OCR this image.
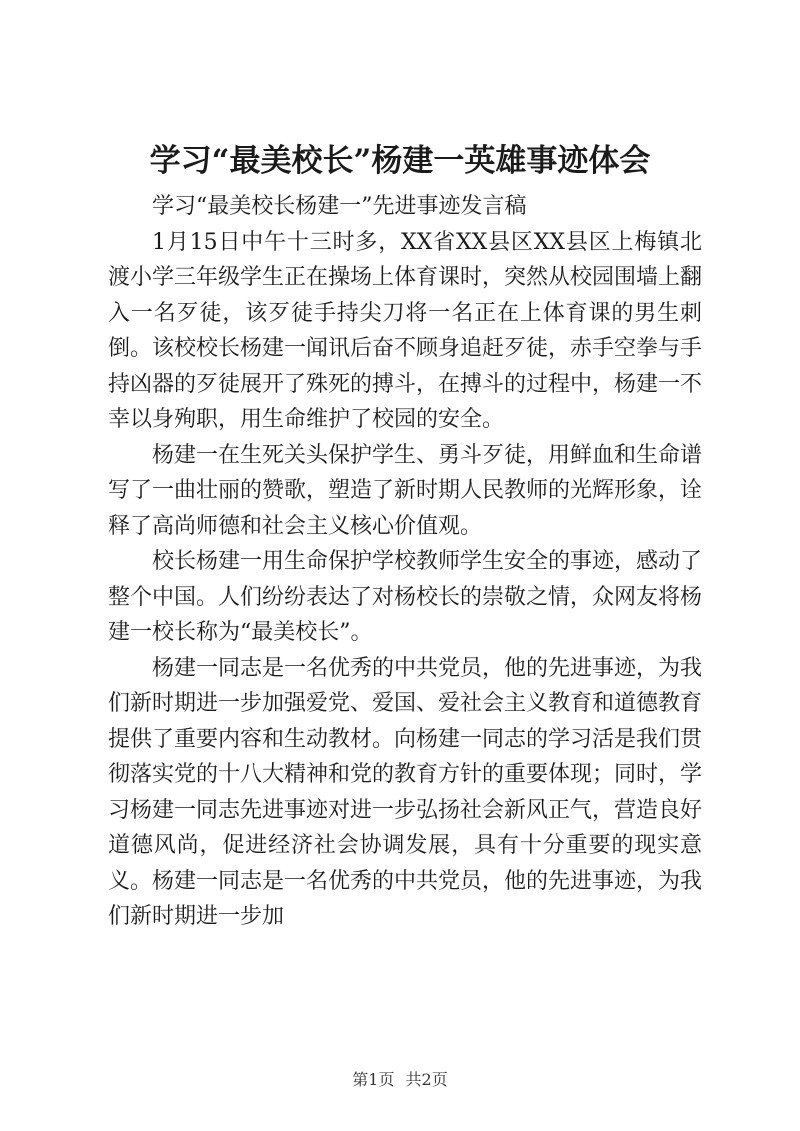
学习“最美校长”杨建一英雄事迹体会

学习“最美校长杨建一”先进事迹发言稿

1月15日中午十三时多，XX省XX县区XX县区上梅镇北渡小学三年级学生正在操场上体育课时，突然从校园围墙上翻入一名歹徒，该歹徒手持尖刀将一名正在上体育课的男生刺倒。该校校长杨建一闻讯后奋不顾身追赶歹徒，赤手空拳与手持凶器的歹徒展开了殊死的搏斗，在搏斗的过程中，杨建一不幸以身殉职，用生命维护了校园的安全。

杨建一在生死关头保护学生、勇斗歹徒，用鲜血和生命谱写了一曲壮丽的赞歌，塑造了新时期人民教师的光辉形象，诠释了高尚师德和社会主义核心价值观。

校长杨建一用生命保护学校教师学生安全的事迹，感动了整个中国。人们纷纷表达了对杨校长的崇敬之情，众网友将杨建一校长称为“最美校长”。

杨建一同志是一名优秀的中共党员，他的先进事迹，为我们新时期进一步加强爱党、爱国、爱社会主义教育和道德教育提供了重要内容和生动教材。向杨建一同志的学习活是我们贯彻落实党的十八大精神和党的教育方针的重要体现；同时，学习杨建一同志先进事迹对进一步弘扬社会新风正气，营造良好道德风尚，促进经济社会协调发展，具有十分重要的现实意义。杨建一同志是一名优秀的中共党员，他的先进事迹，为我们新时期进一步加

第1页 共2页
